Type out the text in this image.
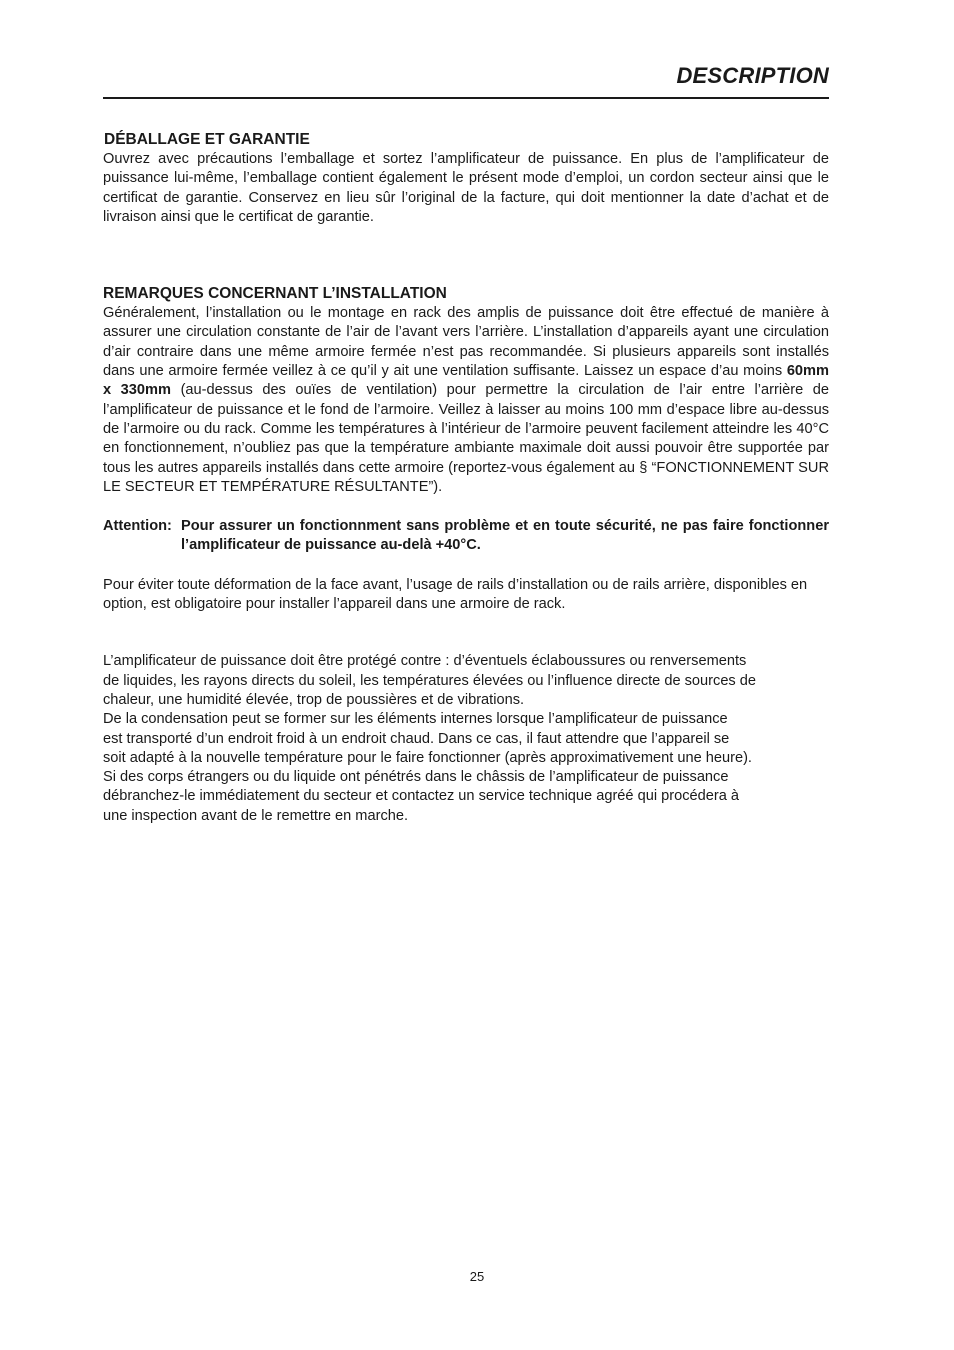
DESCRIPTION
DÉBALLAGE ET GARANTIE

Ouvrez avec précautions l’emballage et sortez l’amplificateur de puissance. En plus de l’amplificateur de puissance lui-même, l’emballage contient également le présent mode d’emploi, un cordon secteur ainsi que le certificat de garantie. Conservez en lieu sûr l’original de la facture, qui doit mentionner la date d’achat et de livraison ainsi que le certificat de garantie.

REMARQUES CONCERNANT L’INSTALLATION

Généralement, l’installation ou le montage en rack des amplis de puissance doit être effectué de manière à assurer une circulation constante de l’air de l’avant vers l’arrière. L’installation d’appareils ayant une circulation d’air contraire dans une même armoire fermée n’est pas recommandée. Si plusieurs appareils sont installés dans une armoire fermée veillez à ce qu’il y ait une ventilation suffisante. Laissez un espace d’au moins 60mm x 330mm (au-dessus des ouïes de ventilation) pour permettre la circulation de l’air entre l’arrière de l’amplificateur de puissance et le fond de l’armoire. Veillez à laisser au moins 100 mm d’espace libre au-dessus de l’armoire ou du rack. Comme les températures à l’intérieur de l’armoire peuvent facilement atteindre les 40°C en fonctionnement, n’oubliez pas que la température ambiante maximale doit aussi pouvoir être supportée par tous les autres appareils installés dans cette armoire (reportez-vous également au § “FONCTIONNEMENT SUR LE SECTEUR ET TEMPÉRATURE RÉSULTANTE”).

Attention: Pour assurer un fonctionnment sans problème et en toute sécurité, ne pas faire fonctionner l’amplificateur de puissance au-delà +40°C.

Pour éviter toute déformation de la face avant, l’usage de rails d’installation ou de rails arrière, disponibles en option, est obligatoire pour installer l’appareil dans une armoire de rack.

L’amplificateur de puissance doit être protégé contre : d’éventuels éclaboussures ou renversements
de liquides, les rayons directs du soleil, les températures élevées ou l’influence directe de sources de
chaleur, une humidité élevée, trop de poussières et de vibrations.
De la condensation peut se former sur les éléments internes lorsque l’amplificateur de puissance
est transporté d’un endroit froid à un endroit chaud. Dans ce cas, il faut attendre que l’appareil se
soit adapté à la nouvelle température pour le faire fonctionner (après approximativement une heure).
Si des corps étrangers ou du liquide ont pénétrés dans le châssis de l’amplificateur de puissance
débranchez-le immédiatement du secteur et contactez un service technique agréé qui procédera à
une inspection avant de le remettre en marche.
25
